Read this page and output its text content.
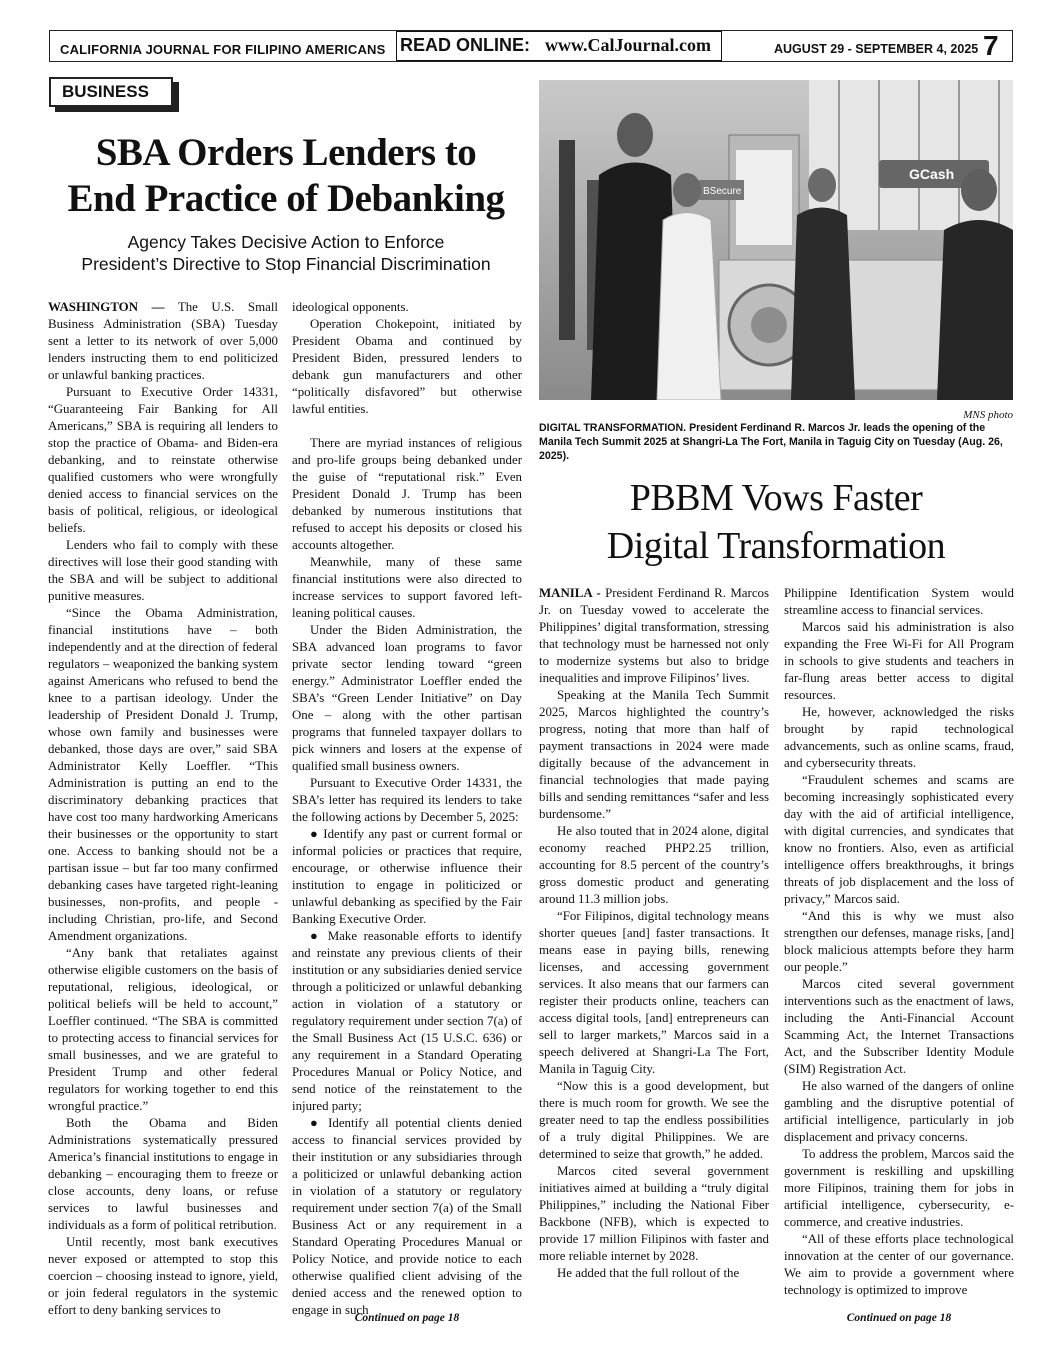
CALIFORNIA JOURNAL FOR FILIPINO AMERICANS READ ONLINE: www.CalJournal.com	AUGUST 29 - SEPTEMBER 4, 2025 7
BUSINESS
SBA Orders Lenders to
End Practice of Debanking
Agency Takes Decisive Action to Enforce
President’s Directive to Stop Financial Discrimination

WASHINGTON — The U.S. Small Business Administration (SBA) Tuesday sent a letter to its network of over 5,000 lenders instructing them to end politicized or unlawful banking practices.

Pursuant to Executive Order 14331, “Guaranteeing Fair Banking for All Americans,” SBA is requiring all lenders to stop the practice of Obama- and Biden-era debanking, and to reinstate otherwise qualified customers who were wrongfully denied access to financial services on the basis of political, religious, or ideological beliefs.

Lenders who fail to comply with these directives will lose their good standing with the SBA and will be subject to additional punitive measures.

“Since the Obama Administration, financial institutions have – both independently and at the direction of federal regulators – weaponized the banking system against Americans who refused to bend the knee to a partisan ideology. Under the leadership of President Donald J. Trump, whose own family and businesses were debanked, those days are over,” said SBA Administrator Kelly Loeffler. “This Administration is putting an end to the discriminatory debanking practices that have cost too many hardworking Americans their businesses or the opportunity to start one. Access to banking should not be a partisan issue – but far too many confirmed debanking cases have targeted right-leaning businesses, non-profits, and people - including Christian, pro-life, and Second Amendment organizations.

“Any bank that retaliates against otherwise eligible customers on the basis of reputational, religious, ideological, or political beliefs will be held to account,” Loeffler continued. “The SBA is committed to protecting access to financial services for small businesses, and we are grateful to President Trump and other federal regulators for working together to end this wrongful practice.”

Both the Obama and Biden Administrations systematically pressured America’s financial institutions to engage in debanking – encouraging them to freeze or close accounts, deny loans, or refuse services to lawful businesses and individuals as a form of political retribution.

Until recently, most bank executives never exposed or attempted to stop this coercion – choosing instead to ignore, yield, or join federal regulators in the systemic effort to deny banking services to

ideological opponents.

Operation Chokepoint, initiated by President Obama and continued by President Biden, pressured lenders to debank gun manufacturers and other “politically disfavored” but otherwise lawful entities.

There are myriad instances of religious and pro-life groups being debanked under the guise of “reputational risk.” Even President Donald J. Trump has been debanked by numerous institutions that refused to accept his deposits or closed his accounts altogether.

Meanwhile, many of these same financial institutions were also directed to increase services to support favored left-leaning political causes.

Under the Biden Administration, the SBA advanced loan programs to favor private sector lending toward “green energy.” Administrator Loeffler ended the SBA’s “Green Lender Initiative” on Day One – along with the other partisan programs that funneled taxpayer dollars to pick winners and losers at the expense of qualified small business owners.

Pursuant to Executive Order 14331, the SBA’s letter has required its lenders to take the following actions by December 5, 2025:

● Identify any past or current formal or informal policies or practices that require, encourage, or otherwise influence their institution to engage in politicized or unlawful debanking as specified by the Fair Banking Executive Order.

● Make reasonable efforts to identify and reinstate any previous clients of their institution or any subsidiaries denied service through a politicized or unlawful debanking action in violation of a statutory or regulatory requirement under section 7(a) of the Small Business Act (15 U.S.C. 636) or any requirement in a Standard Operating Procedures Manual or Policy Notice, and send notice of the reinstatement to the injured party;

● Identify all potential clients denied access to financial services provided by their institution or any subsidiaries through a politicized or unlawful debanking action in violation of a statutory or regulatory requirement under section 7(a) of the Small Business Act or any requirement in a Standard Operating Procedures Manual or Policy Notice, and provide notice to each otherwise qualified client advising of the denied access and the renewed option to engage in such

Continued on page 18
BSecure
GCash
MNS photo
DIGITAL TRANSFORMATION. President Ferdinand R. Marcos Jr. leads the opening of the Manila Tech Summit 2025 at Shangri-La The Fort, Manila in Taguig City on Tuesday (Aug. 26, 2025).
PBBM Vows Faster
Digital Transformation

MANILA - President Ferdinand R. Marcos Jr. on Tuesday vowed to accelerate the Philippines’ digital transformation, stressing that technology must be harnessed not only to modernize systems but also to bridge inequalities and improve Filipinos’ lives.

Speaking at the Manila Tech Summit 2025, Marcos highlighted the country’s progress, noting that more than half of payment transactions in 2024 were made digitally because of the advancement in financial technologies that made paying bills and sending remittances “safer and less burdensome.”

He also touted that in 2024 alone, digital economy reached PHP2.25 trillion, accounting for 8.5 percent of the country’s gross domestic product and generating around 11.3 million jobs.

“For Filipinos, digital technology means shorter queues [and] faster transactions. It means ease in paying bills, renewing licenses, and accessing government services. It also means that our farmers can register their products online, teachers can access digital tools, [and] entrepreneurs can sell to larger markets,” Marcos said in a speech delivered at Shangri-La The Fort, Manila in Taguig City.

“Now this is a good development, but there is much room for growth. We see the greater need to tap the endless possibilities of a truly digital Philippines. We are determined to seize that growth,” he added.

Marcos cited several government initiatives aimed at building a “truly digital Philippines,” including the National Fiber Backbone (NFB), which is expected to provide 17 million Filipinos with faster and more reliable internet by 2028.

He added that the full rollout of the

Philippine Identification System would streamline access to financial services.

Marcos said his administration is also expanding the Free Wi-Fi for All Program in schools to give students and teachers in far-flung areas better access to digital resources.

He, however, acknowledged the risks brought by rapid technological advancements, such as online scams, fraud, and cybersecurity threats.

“Fraudulent schemes and scams are becoming increasingly sophisticated every day with the aid of artificial intelligence, with digital currencies, and syndicates that know no frontiers. Also, even as artificial intelligence offers breakthroughs, it brings threats of job displacement and the loss of privacy,” Marcos said.

“And this is why we must also strengthen our defenses, manage risks, [and] block malicious attempts before they harm our people.”

Marcos cited several government interventions such as the enactment of laws, including the Anti-Financial Account Scamming Act, the Internet Transactions Act, and the Subscriber Identity Module (SIM) Registration Act.

He also warned of the dangers of online gambling and the disruptive potential of artificial intelligence, particularly in job displacement and privacy concerns.

To address the problem, Marcos said the government is reskilling and upskilling more Filipinos, training them for jobs in artificial intelligence, cybersecurity, e-commerce, and creative industries.

“All of these efforts place technological innovation at the center of our governance. We aim to provide a government where technology is optimized to improve

Continued on page 18
